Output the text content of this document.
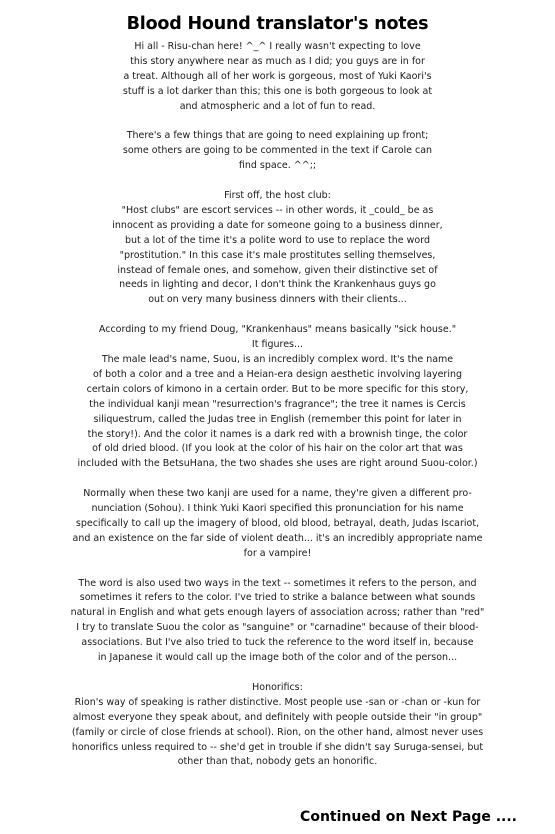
Blood Hound translator's notes
Hi all - Risu-chan here! ^_^ I really wasn't expecting to love
this story anywhere near as much as I did; you guys are in for
a treat. Although all of her work is gorgeous, most of Yuki Kaori's
stuff is a lot darker than this; this one is both gorgeous to look at
and atmospheric and a lot of fun to read.
There's a few things that are going to need explaining up front;
some others are going to be commented in the text if Carole can
find space. ^^;;
First off, the host club:
"Host clubs" are escort services -- in other words, it _could_ be as
innocent as providing a date for someone going to a business dinner,
but a lot of the time it's a polite word to use to replace the word
"prostitution." In this case it's male prostitutes selling themselves,
instead of female ones, and somehow, given their distinctive set of
needs in lighting and decor, I don't think the Krankenhaus guys go
out on very many business dinners with their clients...
According to my friend Doug, "Krankenhaus" means basically "sick house."
It figures...
The male lead's name, Suou, is an incredibly complex word. It's the name
of both a color and a tree and a Heian-era design aesthetic involving layering
certain colors of kimono in a certain order. But to be more specific for this story,
the individual kanji mean "resurrection's fragrance"; the tree it names is Cercis
siliquestrum, called the Judas tree in English (remember this point for later in
the story!). And the color it names is a dark red with a brownish tinge, the color
of old dried blood. (If you look at the color of his hair on the color art that was
included with the BetsuHana, the two shades she uses are right around Suou-color.)
Normally when these two kanji are used for a name, they're given a different pro-
nunciation (Sohou). I think Yuki Kaori specified this pronunciation for his name
specifically to call up the imagery of blood, old blood, betrayal, death, Judas Iscariot,
and an existence on the far side of violent death... it's an incredibly appropriate name
for a vampire!
The word is also used two ways in the text -- sometimes it refers to the person, and
sometimes it refers to the color. I've tried to strike a balance between what sounds
natural in English and what gets enough layers of association across; rather than "red"
I try to translate Suou the color as "sanguine" or "carnadine" because of their blood-
associations. But I've also tried to tuck the reference to the word itself in, because
in Japanese it would call up the image both of the color and of the person...
Honorifics:
Rion's way of speaking is rather distinctive. Most people use -san or -chan or -kun for
almost everyone they speak about, and definitely with people outside their "in group"
(family or circle of close friends at school). Rion, on the other hand, almost never uses
honorifics unless required to -- she'd get in trouble if she didn't say Suruga-sensei, but
other than that, nobody gets an honorific.
Continued on Next Page ....
